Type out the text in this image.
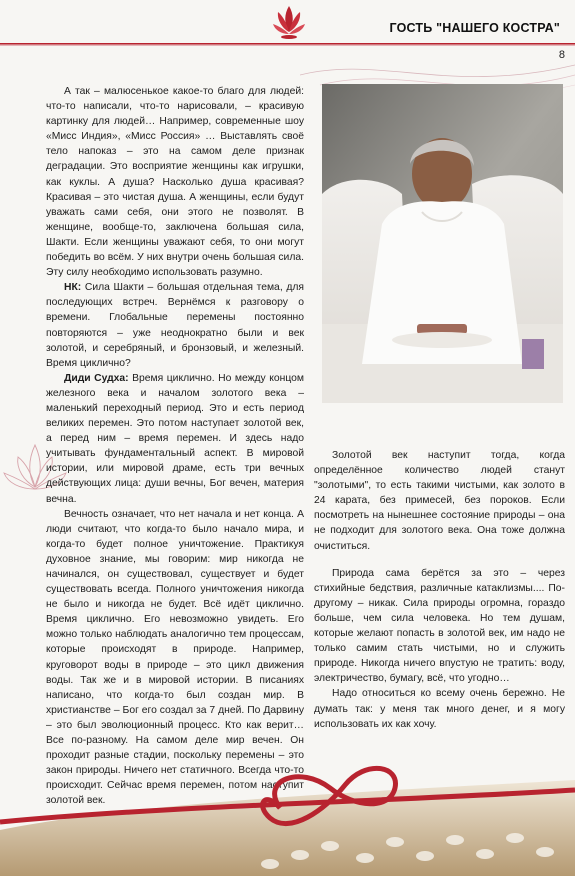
ГОСТЬ "НАШЕГО КОСТРА"
8

А так – малюсенькое какое-то благо для людей: что-то написали, что-то нарисовали, – красивую картинку для людей… Например, современные шоу «Мисс Индия», «Мисс Россия» … Выставлять своё тело напоказ – это на самом деле признак деградации. Это восприятие женщины как игрушки, как куклы. А душа? Насколько душа красивая? Красивая – это чистая душа. А женщины, если будут уважать сами себя, они этого не позволят. В женщине, вообще-то, заключена большая сила, Шакти. Если женщины уважают себя, то они могут победить во всём. У них внутри очень большая сила. Эту силу необходимо использовать разумно.

НК: Сила Шакти – большая отдельная тема, для последующих встреч. Вернёмся к разговору о времени. Глобальные перемены постоянно повторяются – уже неоднократно были и век золотой, и серебряный, и бронзовый, и железный. Время циклично?

Диди Судха: Время циклично. Но между концом железного века и началом золотого века – маленький переходный период. Это и есть период великих перемен. Это потом наступает золотой век, а перед ним – время перемен. И здесь надо учитывать фундаментальный аспект. В мировой истории, или мировой драме, есть три вечных действующих лица: души вечны, Бог вечен, материя вечна.

Вечность означает, что нет начала и нет конца. А люди считают, что когда-то было начало мира, и когда-то будет полное уничтожение. Практикуя духовное знание, мы говорим: мир никогда не начинался, он существовал, существует и будет существовать всегда. Полного уничтожения никогда не было и никогда не будет. Всё идёт циклично. Время циклично. Его невозможно увидеть. Его можно только наблюдать аналогично тем процессам, которые происходят в природе. Например, круговорот воды в природе – это цикл движения воды. Так же и в мировой истории. В писаниях написано, что когда-то был создан мир. В христианстве – Бог его создал за 7 дней. По Дарвину – это был эволюционный процесс. Кто как верит… Все по-разному. На самом деле мир вечен. Он проходит разные стадии, поскольку перемены – это закон природы. Ничего нет статичного. Всегда что-то происходит. Сейчас время перемен, потом наступит золотой век.

Золотой век наступит тогда, когда определённое количество людей станут "золотыми", то есть такими чистыми, как золото в 24 карата, без примесей, без пороков. Если посмотреть на нынешнее состояние природы – она не подходит для золотого века. Она тоже должна очиститься.

Природа сама берётся за это – через стихийные бедствия, различные катаклизмы.... По-другому – никак. Сила природы огромна, гораздо больше, чем сила человека. Но тем душам, которые желают попасть в золотой век, им надо не только самим стать чистыми, но и служить природе. Никогда ничего впустую не тратить: воду, электричество, бумагу, всё, что угодно…

Надо относиться ко всему очень бережно. Не думать так: у меня так много денег, и я могу использовать их как хочу.
